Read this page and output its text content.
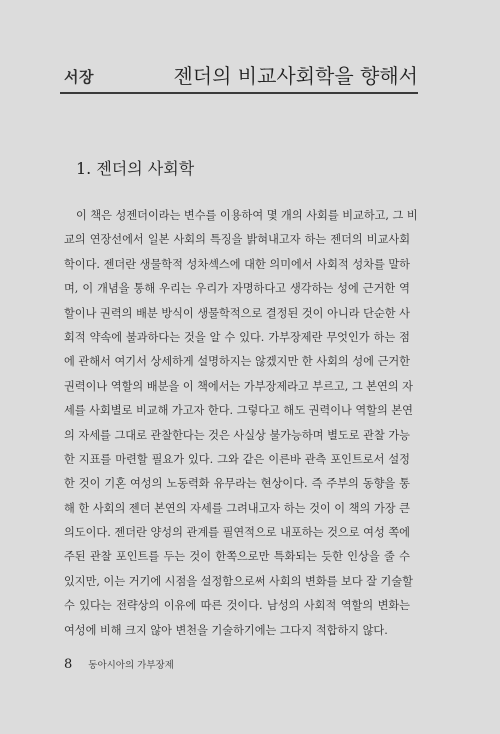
서장	젠더의 비교사회학을 향해서
1. 젠더의 사회학
이 책은 성젠더이라는 변수를 이용하여 몇 개의 사회를 비교하고, 그 비
교의 연장선에서 일본 사회의 특징을 밝혀내고자 하는 젠더의 비교사회
학이다. 젠더란 생물학적 성차섹스에 대한 의미에서 사회적 성차를 말하
며, 이 개념을 통해 우리는 우리가 자명하다고 생각하는 성에 근거한 역
할이나 권력의 배분 방식이 생물학적으로 결정된 것이 아니라 단순한 사
회적 약속에 불과하다는 것을 알 수 있다. 가부장제란 무엇인가 하는 점
에 관해서 여기서 상세하게 설명하지는 않겠지만 한 사회의 성에 근거한
권력이나 역할의 배분을 이 책에서는 가부장제라고 부르고, 그 본연의 자
세를 사회별로 비교해 가고자 한다. 그렇다고 해도 권력이나 역할의 본연
의 자세를 그대로 관찰한다는 것은 사실상 불가능하며 별도로 관찰 가능
한 지표를 마련할 필요가 있다. 그와 같은 이른바 관측 포인트로서 설정
한 것이 기혼 여성의 노동력화 유무라는 현상이다. 즉 주부의 동향을 통
해 한 사회의 젠더 본연의 자세를 그려내고자 하는 것이 이 책의 가장 큰
의도이다. 젠더란 양성의 관계를 필연적으로 내포하는 것으로 여성 쪽에
주된 관찰 포인트를 두는 것이 한쪽으로만 특화되는 듯한 인상을 줄 수
있지만, 이는 거기에 시점을 설정함으로써 사회의 변화를 보다 잘 기술할
수 있다는 전략상의 이유에 따른 것이다. 남성의 사회적 역할의 변화는
여성에 비해 크지 않아 변천을 기술하기에는 그다지 적합하지 않다.
8 동아시아의 가부장제
